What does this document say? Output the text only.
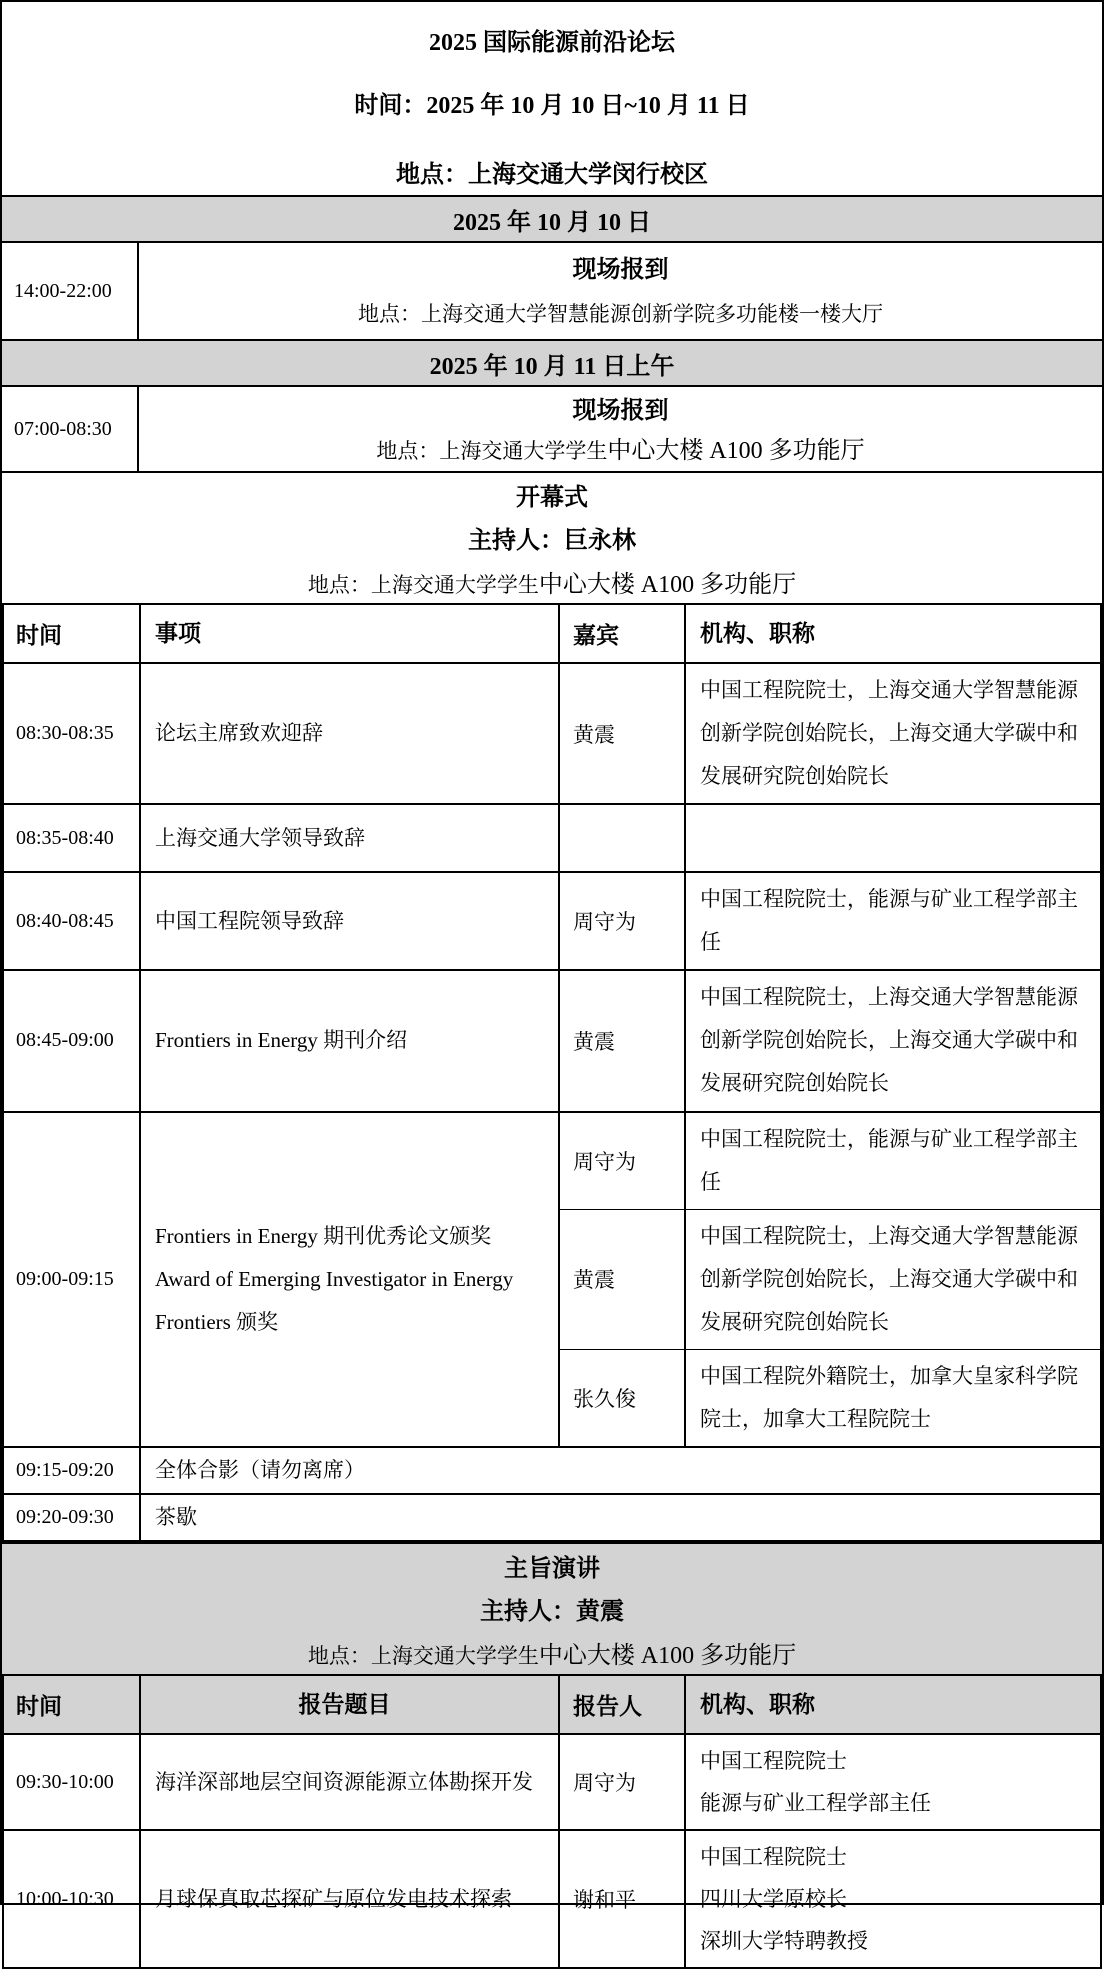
2025 国际能源前沿论坛
时间：2025 年 10 月 10 日~10 月 11 日
地点：上海交通大学闵行校区
2025 年 10 月 10 日
14:00-22:00
现场报到
地点：上海交通大学智慧能源创新学院多功能楼一楼大厅
2025 年 10 月 11 日上午
07:00-08:30
现场报到
地点：上海交通大学学生中心大楼 A100 多功能厅
开幕式
主持人：巨永林
地点：上海交通大学学生中心大楼 A100 多功能厅
时间	事项	嘉宾	机构、职称
08:30-08:35	论坛主席致欢迎辞	黄震	中国工程院院士，上海交通大学智慧能源创新学院创始院长，上海交通大学碳中和发展研究院创始院长
08:35-08:40	上海交通大学领导致辞		
08:40-08:45	中国工程院领导致辞	周守为	中国工程院院士，能源与矿业工程学部主任
08:45-09:00	Frontiers in Energy 期刊介绍	黄震	中国工程院院士，上海交通大学智慧能源创新学院创始院长，上海交通大学碳中和发展研究院创始院长
09:00-09:15	Frontiers in Energy 期刊优秀论文颁奖
Award of Emerging Investigator in Energy Frontiers 颁奖	周守为	中国工程院院士，能源与矿业工程学部主任
		黄震	中国工程院院士，上海交通大学智慧能源创新学院创始院长，上海交通大学碳中和发展研究院创始院长
		张久俊	中国工程院外籍院士，加拿大皇家科学院院士，加拿大工程院院士
09:15-09:20	全体合影（请勿离席）		
09:20-09:30	茶歇		
主旨演讲
主持人：黄震
地点：上海交通大学学生中心大楼 A100 多功能厅
时间	报告题目	报告人	机构、职称
09:30-10:00	海洋深部地层空间资源能源立体勘探开发	周守为	中国工程院院士
能源与矿业工程学部主任

10:00-10:30	月球保真取芯探矿与原位发电技术探索	谢和平	中国工程院院士
四川大学原校长
深圳大学特聘教授
